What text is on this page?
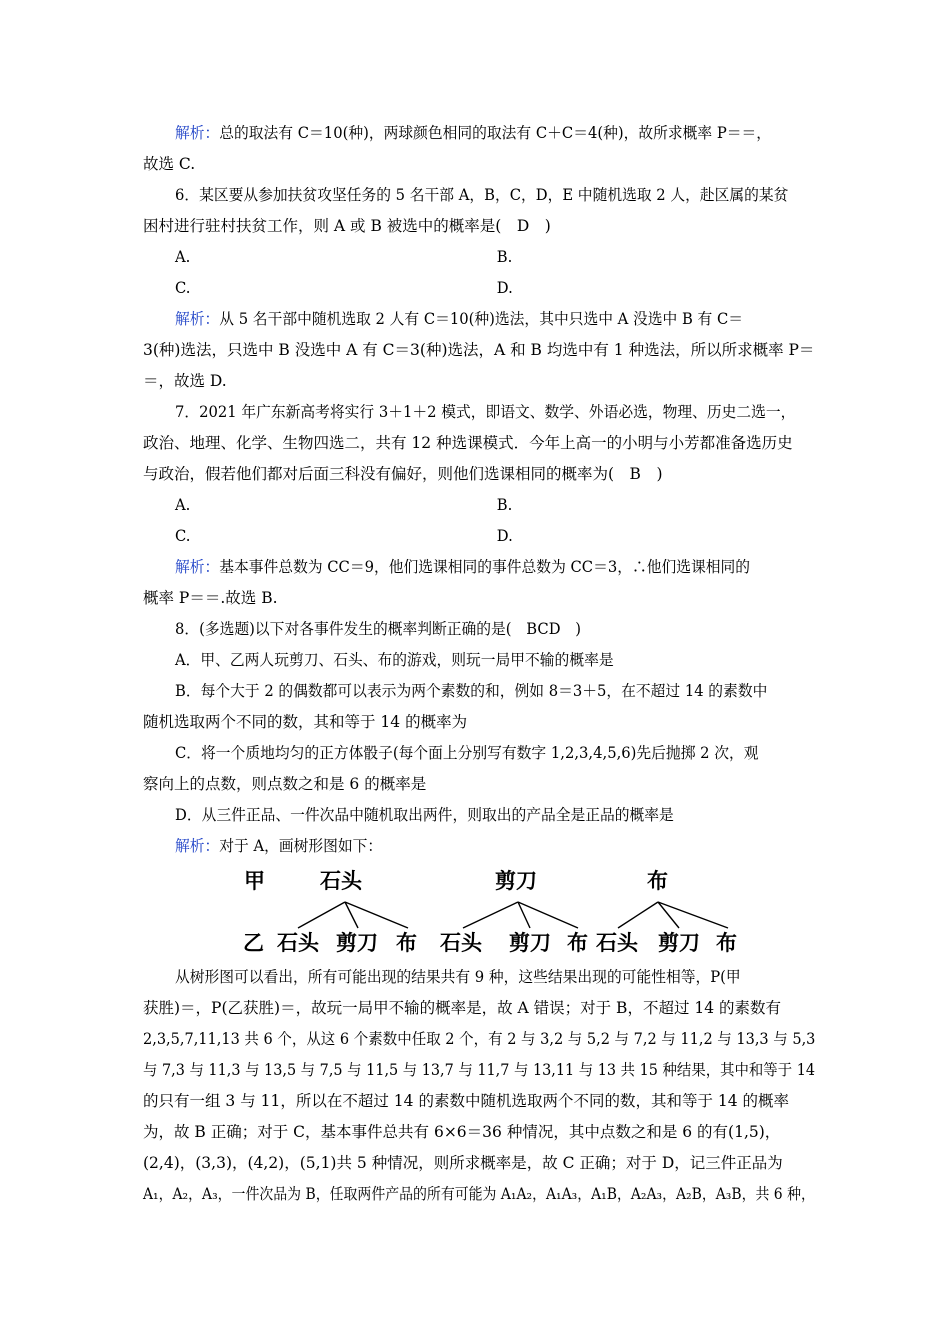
解析：总的取法有 C＝10(种)，两球颜色相同的取法有 C＋C＝4(种)，故所求概率 P＝＝，
故选 C.
6．某区要从参加扶贫攻坚任务的 5 名干部 A，B，C，D，E 中随机选取 2 人，赴区属的某贫
困村进行驻村扶贫工作，则 A 或 B 被选中的概率是(　D　)
A.	B.
C.	D.
解析：从 5 名干部中随机选取 2 人有 C＝10(种)选法，其中只选中 A 没选中 B 有 C＝
3(种)选法，只选中 B 没选中 A 有 C＝3(种)选法，A 和 B 均选中有 1 种选法，所以所求概率 P＝
＝，故选 D.
7．2021 年广东新高考将实行 3＋1＋2 模式，即语文、数学、外语必选，物理、历史二选一，
政治、地理、化学、生物四选二，共有 12 种选课模式．今年上高一的小明与小芳都准备选历史
与政治，假若他们都对后面三科没有偏好，则他们选课相同的概率为(　B　)
A.	B.
C.	D.
解析：基本事件总数为 CC＝9，他们选课相同的事件总数为 CC＝3，∴他们选课相同的
概率 P＝＝.故选 B.
8．(多选题)以下对各事件发生的概率判断正确的是(　BCD　)
A．甲、乙两人玩剪刀、石头、布的游戏，则玩一局甲不输的概率是
B．每个大于 2 的偶数都可以表示为两个素数的和，例如 8＝3＋5，在不超过 14 的素数中
随机选取两个不同的数，其和等于 14 的概率为
C．将一个质地均匀的正方体骰子(每个面上分别写有数字 1,2,3,4,5,6)先后抛掷 2 次，观
察向上的点数，则点数之和是 6 的概率是
D．从三件正品、一件次品中随机取出两件，则取出的产品全是正品的概率是
解析：对于 A，画树形图如下：
甲
乙
石头	剪刀	布
石头 剪刀 布 石头 剪刀 布 石头 剪刀 布
从树形图可以看出，所有可能出现的结果共有 9 种，这些结果出现的可能性相等，P(甲
获胜)＝，P(乙获胜)＝，故玩一局甲不输的概率是，故 A 错误；对于 B，不超过 14 的素数有
2,3,5,7,11,13 共 6 个，从这 6 个素数中任取 2 个，有 2 与 3,2 与 5,2 与 7,2 与 11,2 与 13,3 与 5,3
与 7,3 与 11,3 与 13,5 与 7,5 与 11,5 与 13,7 与 11,7 与 13,11 与 13 共 15 种结果，其中和等于 14
的只有一组 3 与 11，所以在不超过 14 的素数中随机选取两个不同的数，其和等于 14 的概率
为，故 B 正确；对于 C，基本事件总共有 6×6＝36 种情况，其中点数之和是 6 的有(1,5)，
(2,4)，(3,3)，(4,2)，(5,1)共 5 种情况，则所求概率是，故 C 正确；对于 D，记三件正品为
A₁，A₂，A₃，一件次品为 B，任取两件产品的所有可能为 A₁A₂，A₁A₃，A₁B，A₂A₃，A₂B，A₃B，共 6 种，
